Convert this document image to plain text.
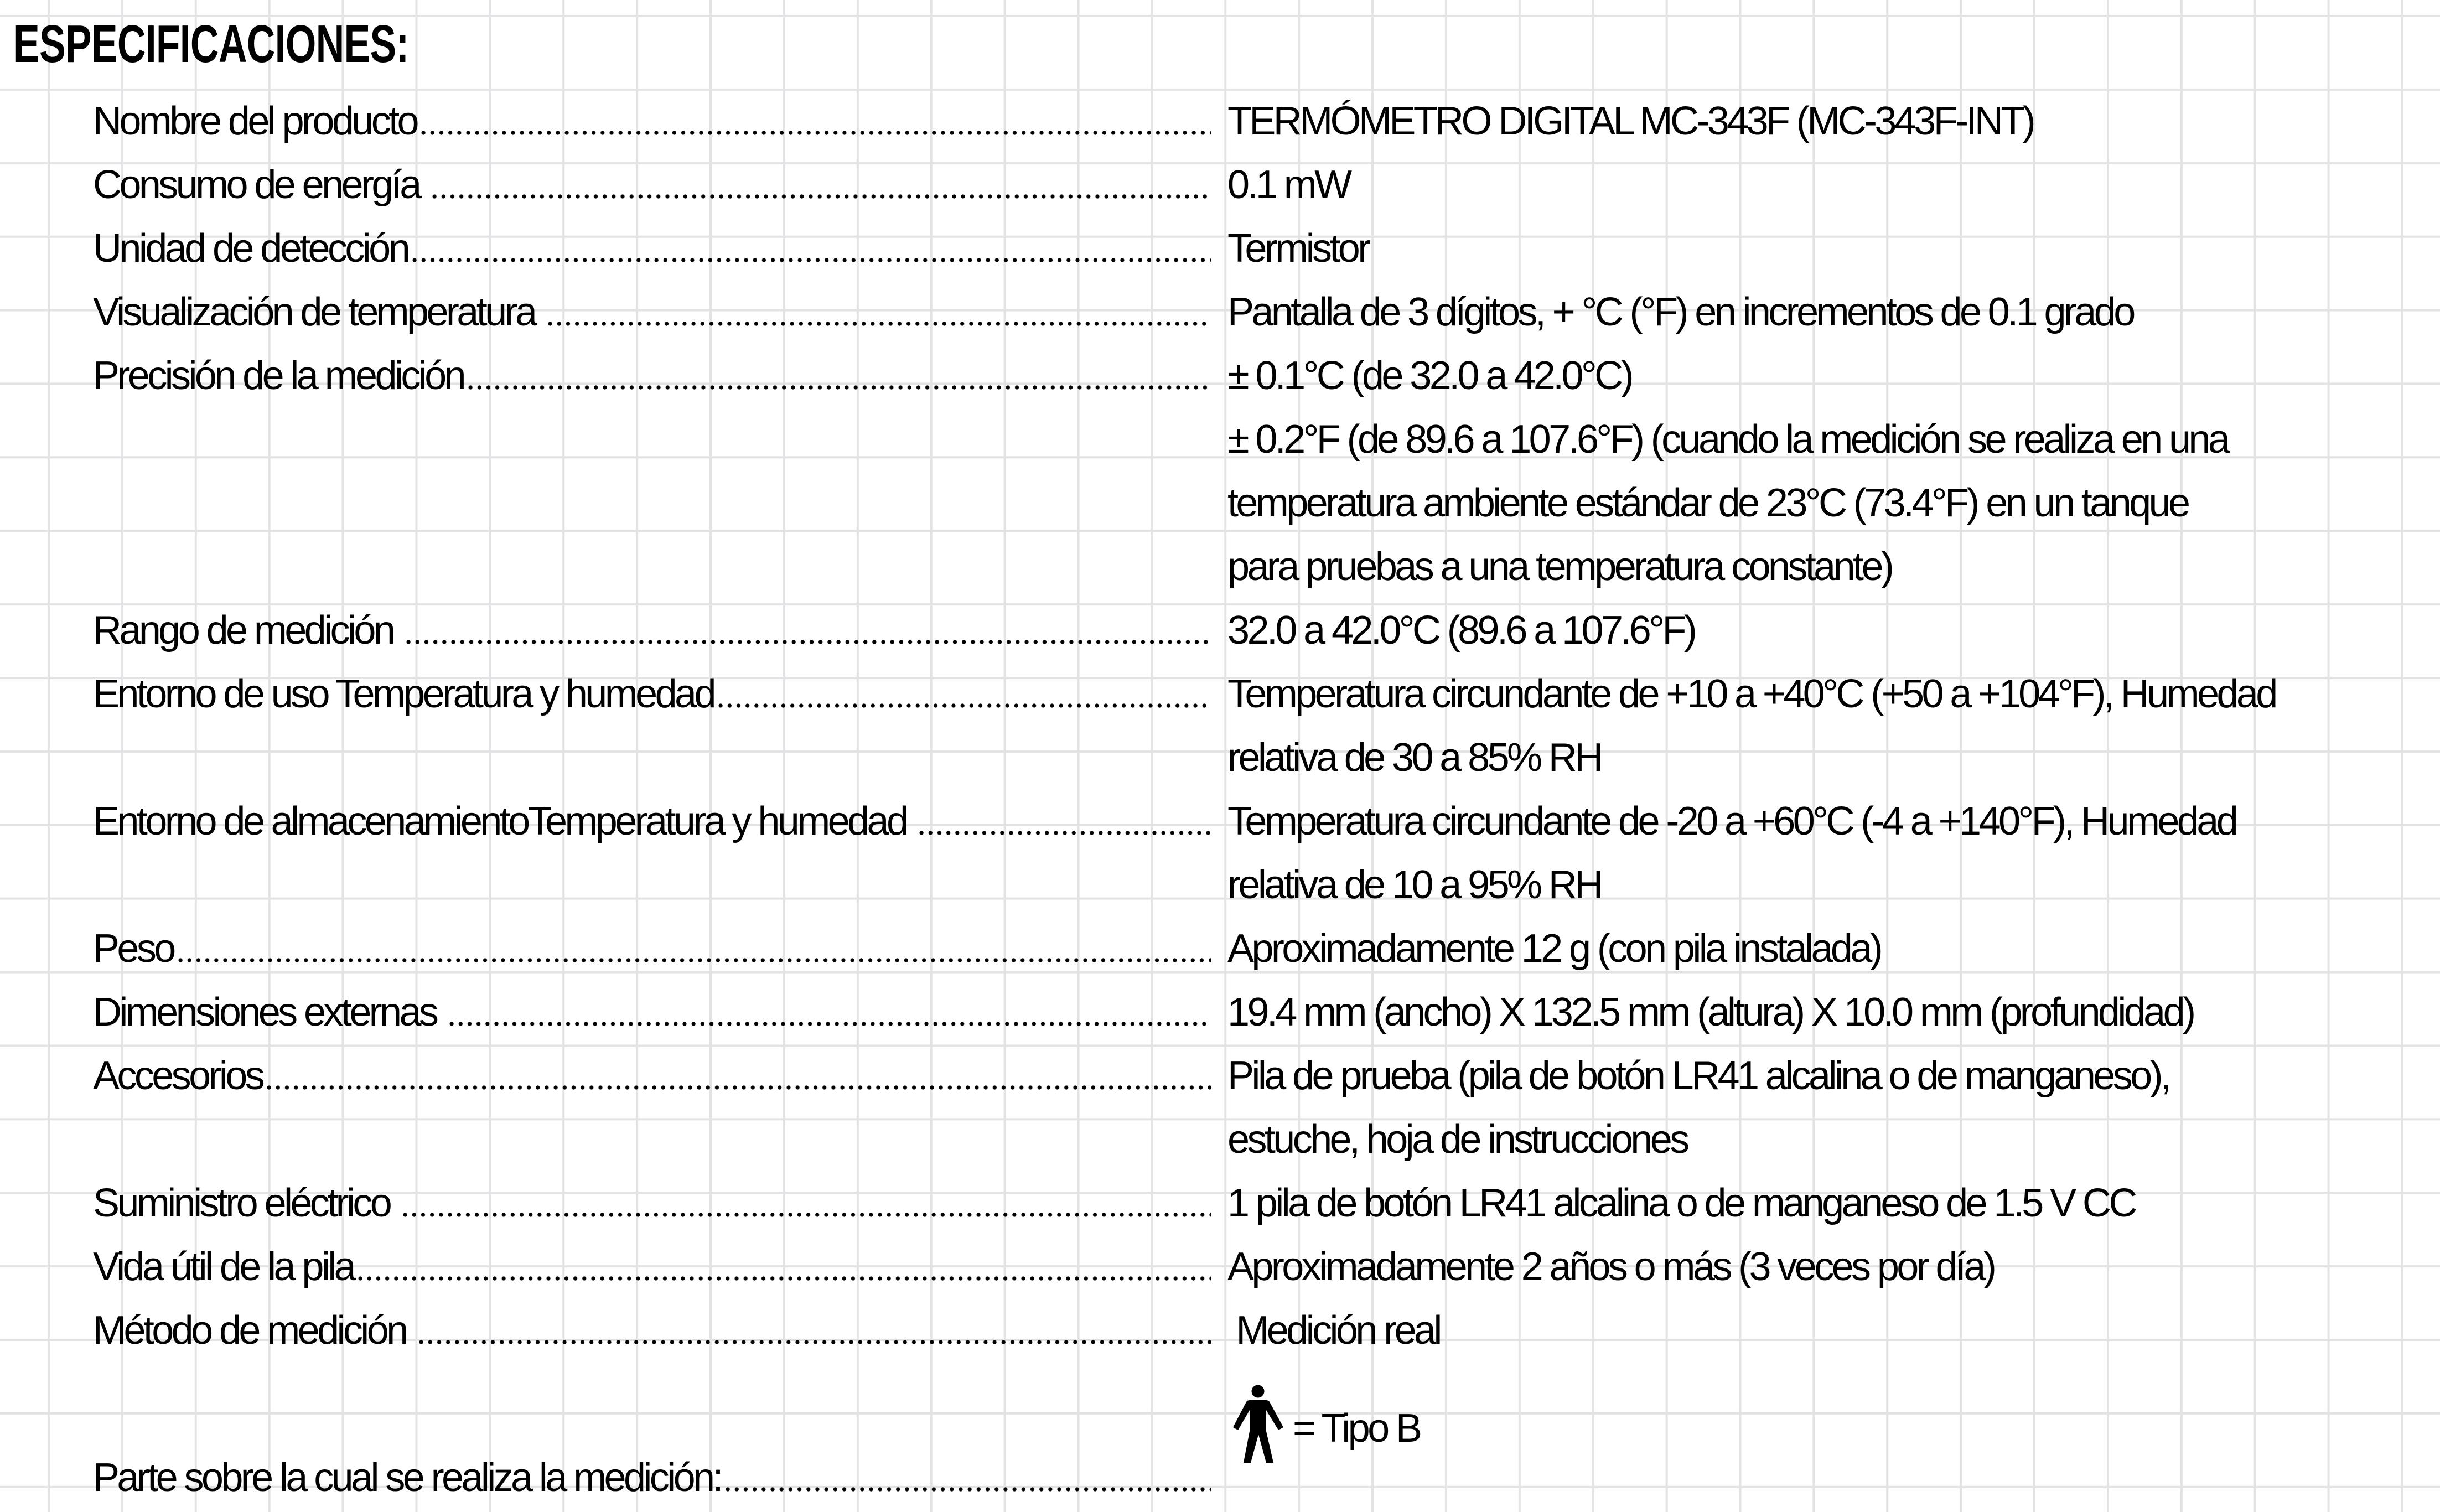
ESPECIFICACIONES:
Nombre del producto	TERMÓMETRO DIGITAL MC-343F (MC-343F-INT)
Consumo de energía	0.1 mW
Unidad de detección	Termistor
Visualización de temperatura	Pantalla de 3 dígitos, + °C (°F) en incrementos de 0.1 grado
Precisión de la medición	± 0.1°C (de 32.0 a 42.0°C)
± 0.2°F (de 89.6 a 107.6°F) (cuando la medición se realiza en una
temperatura ambiente estándar de 23°C (73.4°F) en un tanque
para pruebas a una temperatura constante)
Rango de medición	32.0 a 42.0°C (89.6 a 107.6°F)
Entorno de uso Temperatura y humedad	Temperatura circundante de +10 a +40°C (+50 a +104°F), Humedad
relativa de 30 a 85% RH
Entorno de almacenamientoTemperatura y humedad	Temperatura circundante de -20 a +60°C (-4 a +140°F), Humedad
relativa de 10 a 95% RH
Peso	Aproximadamente 12 g (con pila instalada)
Dimensiones externas	19.4 mm (ancho) X 132.5 mm (altura) X 10.0 mm (profundidad)
Accesorios	Pila de prueba (pila de botón LR41 alcalina o de manganeso),
estuche, hoja de instrucciones
Suministro eléctrico	1 pila de botón LR41 alcalina o de manganeso de 1.5 V CC
Vida útil de la pila	Aproximadamente 2 años o más (3 veces por día)
Método de medición	Medición real
Parte sobre la cual se realiza la medición:
= Tipo B
